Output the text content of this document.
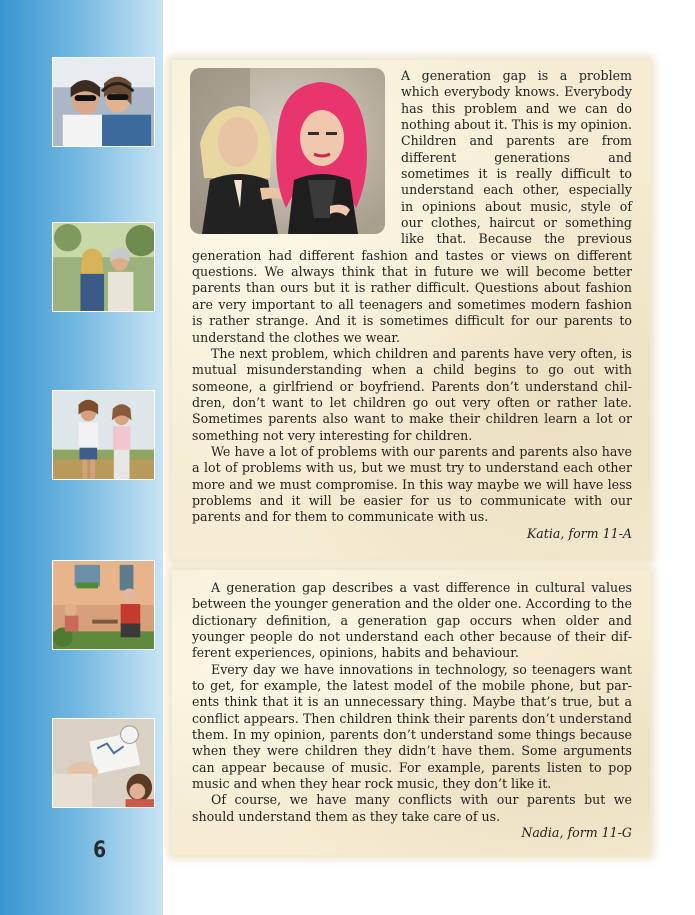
6

A generation gap is a problem which everybody knows. Everybody has this problem and we can do nothing about it. This is my opinion. Children and parents are from different generations and sometimes it is really difficult to understand each other, especially in opinions about music, style of our clothes, haircut or something like that. Because the previous generation had different fashion and tastes or views on different questions. We always think that in future we will become better parents than ours but it is rather difficult. Questions about fashion are very important to all teenagers and sometimes modern fashion is rather strange. And it is sometimes difficult for our parents to understand the clothes we wear.

The next problem, which children and parents have very often, is mutual misunderstanding when a child begins to go out with someone, a girlfriend or boyfriend. Parents don’t understand children, don’t want to let children go out very often or rather late. Sometimes parents also want to make their children learn a lot or something not very interesting for children.

We have a lot of problems with our parents and parents also have a lot of problems with us, but we must try to understand each other more and we must compromise. In this way maybe we will have less problems and it will be easier for us to communicate with our parents and for them to communicate with us.

Katia, form 11-A

A generation gap describes a vast difference in cultural values between the younger generation and the older one. According to the dictionary definition, a generation gap occurs when older and younger people do not understand each other because of their different experiences, opinions, habits and behaviour.

Every day we have innovations in technology, so teenagers want to get, for example, the latest model of the mobile phone, but parents think that it is an unnecessary thing. Maybe that’s true, but a conflict appears. Then children think their parents don’t understand them. In my opinion, parents don’t understand some things because when they were children they didn’t have them. Some arguments can appear because of music. For example, parents listen to pop music and when they hear rock music, they don’t like it.

Of course, we have many conflicts with our parents but we should understand them as they take care of us.

Nadia, form 11-G
